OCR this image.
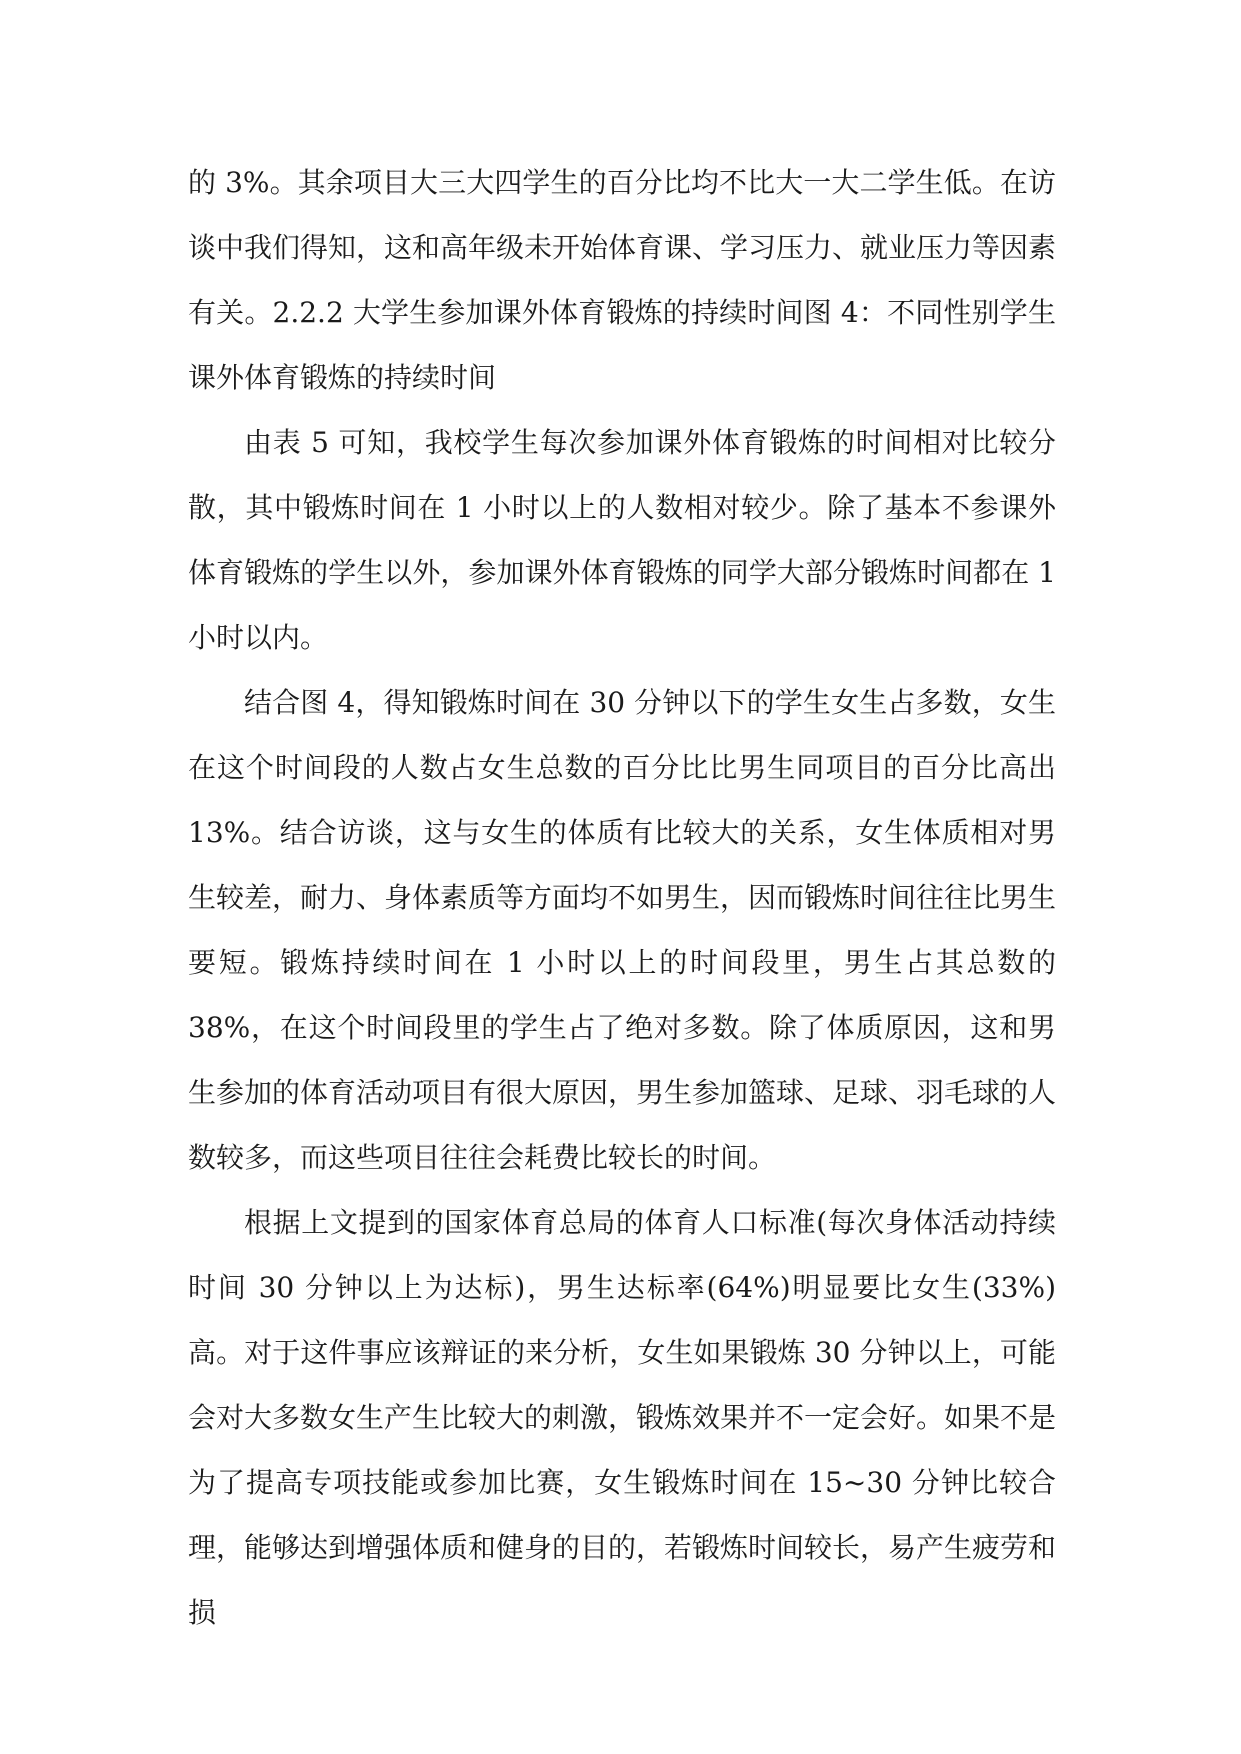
的 3%。其余项目大三大四学生的百分比均不比大一大二学生低。在访谈中我们得知，这和高年级未开始体育课、学习压力、就业压力等因素有关。2.2.2 大学生参加课外体育锻炼的持续时间图 4：不同性别学生课外体育锻炼的持续时间

由表 5 可知，我校学生每次参加课外体育锻炼的时间相对比较分散，其中锻炼时间在 1 小时以上的人数相对较少。除了基本不参课外体育锻炼的学生以外，参加课外体育锻炼的同学大部分锻炼时间都在 1 小时以内。

结合图 4，得知锻炼时间在 30 分钟以下的学生女生占多数，女生在这个时间段的人数占女生总数的百分比比男生同项目的百分比高出 13%。结合访谈，这与女生的体质有比较大的关系，女生体质相对男生较差，耐力、身体素质等方面均不如男生，因而锻炼时间往往比男生要短。锻炼持续时间在 1 小时以上的时间段里，男生占其总数的 38%，在这个时间段里的学生占了绝对多数。除了体质原因，这和男生参加的体育活动项目有很大原因，男生参加篮球、足球、羽毛球的人数较多，而这些项目往往会耗费比较长的时间。

根据上文提到的国家体育总局的体育人口标准(每次身体活动持续时间 30 分钟以上为达标)，男生达标率(64%)明显要比女生(33%)高。对于这件事应该辩证的来分析，女生如果锻炼 30 分钟以上，可能会对大多数女生产生比较大的刺激，锻炼效果并不一定会好。如果不是为了提高专项技能或参加比赛，女生锻炼时间在 15~30 分钟比较合理，能够达到增强体质和健身的目的，若锻炼时间较长，易产生疲劳和损
